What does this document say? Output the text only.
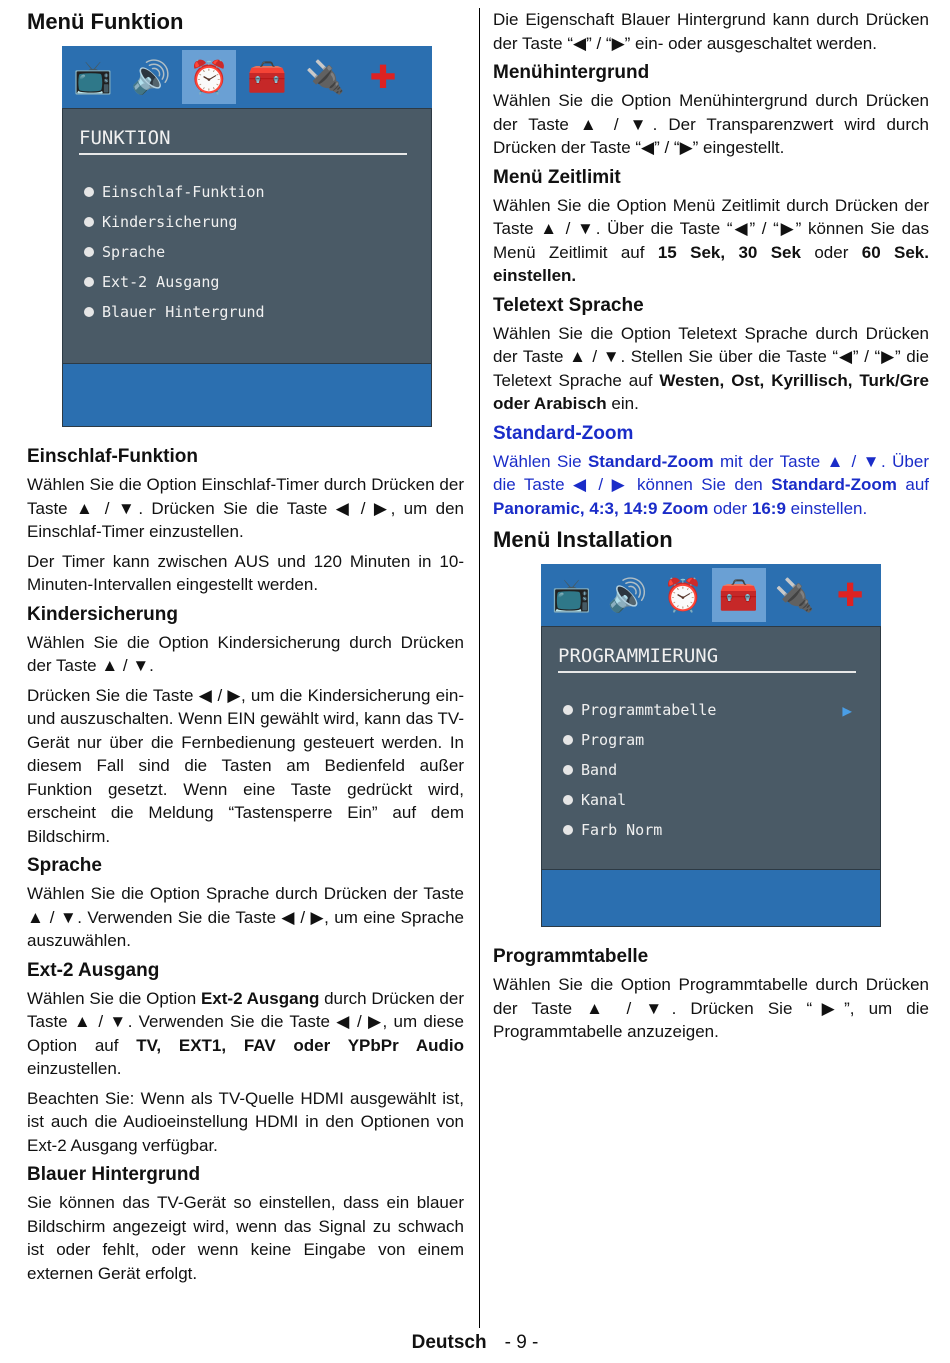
Menü Funktion
📺 🔊 ⏰ 🧰 🔌 ✚
FUNKTION
Einschlaf-Funktion
Kindersicherung
Sprache
Ext-2 Ausgang
Blauer Hintergrund
Einschlaf-Funktion

Wählen Sie die Option Einschlaf-Timer durch Drücken der Taste ▲ / ▼. Drücken Sie die Taste ◀ / ▶, um den Einschlaf-Timer einzustellen.

Der Timer kann zwischen AUS und 120 Minuten in 10-Minuten-Intervallen eingestellt werden.

Kindersicherung

Wählen Sie die Option Kindersicherung durch Drücken der Taste ▲ / ▼.

Drücken Sie die Taste ◀ / ▶, um die Kindersicherung ein- und auszuschalten. Wenn EIN gewählt wird, kann das TV-Gerät nur über die Fernbedienung gesteuert werden. In diesem Fall sind die Tasten am Bedienfeld außer Funktion gesetzt. Wenn eine Taste gedrückt wird, erscheint die Meldung “Tastensperre Ein” auf dem Bildschirm.

Sprache

Wählen Sie die Option Sprache durch Drücken der Taste ▲ / ▼. Verwenden Sie die Taste ◀ / ▶, um eine Sprache auszuwählen.

Ext-2 Ausgang

Wählen Sie die Option Ext-2 Ausgang durch Drücken der Taste ▲ / ▼. Verwenden Sie die Taste ◀ / ▶, um diese Option auf TV, EXT1, FAV oder YPbPr Audio einzustellen.

Beachten Sie: Wenn als TV-Quelle HDMI ausgewählt ist, ist auch die Audioeinstellung HDMI in den Optionen von Ext-2 Ausgang verfügbar.

Blauer Hintergrund

Sie können das TV-Gerät so einstellen, dass ein blauer Bildschirm angezeigt wird, wenn das Signal zu schwach ist oder fehlt, oder wenn keine Eingabe von einem externen Gerät erfolgt.

Die Eigenschaft Blauer Hintergrund kann durch Drücken der Taste “◀” / “▶” ein- oder ausgeschaltet werden.

Menühintergrund

Wählen Sie die Option Menühintergrund durch Drücken der Taste ▲ / ▼. Der Transparenzwert wird durch Drücken der Taste “◀” / “▶” eingestellt.

Menü Zeitlimit

Wählen Sie die Option Menü Zeitlimit durch Drücken der Taste ▲ / ▼. Über die Taste “◀” / “▶” können Sie das Menü Zeitlimit auf 15 Sek, 30 Sek oder 60 Sek. einstellen.

Teletext Sprache

Wählen Sie die Option Teletext Sprache durch Drücken der Taste ▲ / ▼. Stellen Sie über die Taste “◀” / “▶” die Teletext Sprache auf Westen, Ost, Kyrillisch, Turk/Gre oder Arabisch ein.

Standard-Zoom

Wählen Sie Standard-Zoom mit der Taste ▲ / ▼. Über die Taste ◀ / ▶ können Sie den Standard-Zoom auf Panoramic, 4:3, 14:9 Zoom oder 16:9 einstellen.

Menü Installation
📺 🔊 ⏰ 🧰 🔌 ✚
PROGRAMMIERUNG
Programmtabelle	▶
Program
Band
Kanal
Farb Norm
Programmtabelle

Wählen Sie die Option Programmtabelle durch Drücken der Taste ▲ / ▼. Drücken Sie “▶”, um die Programmtabelle anzuzeigen.

Deutsch - 9 -
